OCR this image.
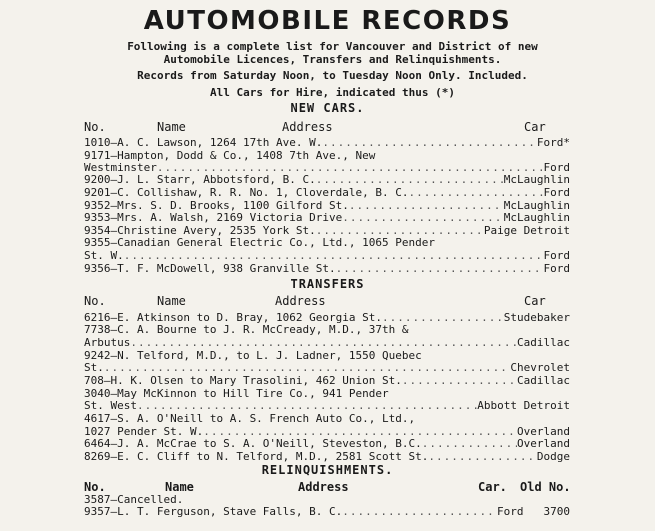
AUTOMOBILE RECORDS
Following is a complete list for Vancouver and District of new
Automobile Licences, Transfers and Relinquishments.
Records from Saturday Noon, to Tuesday Noon Only. Included.
All Cars for Hire, indicated thus (*)
NEW CARS.
No.	Name	Address	Car
1010—A. C. Lawson, 1264 17th Ave. W. .....	Ford*
9171—Hampton, Dodd & Co., 1408 7th Ave., New
Westminster .....	Ford
9200—J. L. Starr, Abbotsford, B. C. .....	McLaughlin
9201—C. Collishaw, R. R. No. 1, Cloverdale, B. C. .....	Ford
9352—Mrs. S. D. Brooks, 1100 Gilford St. .....	McLaughlin
9353—Mrs. A. Walsh, 2169 Victoria Drive .....	McLaughlin
9354—Christine Avery, 2535 York St. .....	Paige Detroit
9355—Canadian General Electric Co., Ltd., 1065 Pender
St. W. .....	Ford
9356—T. F. McDowell, 938 Granville St. .....	Ford
TRANSFERS
No.	Name	Address	Car
6216—E. Atkinson to D. Bray, 1062 Georgia St. .....	Studebaker
7738—C. A. Bourne to J. R. McCready, M.D., 37th &
Arbutus .....	Cadillac
9242—N. Telford, M.D., to L. J. Ladner, 1550 Quebec
St. .....	Chevrolet
708—H. K. Olsen to Mary Trasolini, 462 Union St. .....	Cadillac
3040—May McKinnon to Hill Tire Co., 941 Pender
St. West .....	Abbott Detroit
4617—S. A. O'Neill to A. S. French Auto Co., Ltd.,
1027 Pender St. W. .....	Overland
6464—J. A. McCrae to S. A. O'Neill, Steveston, B.C. .....	Overland
8269—E. C. Cliff to N. Telford, M.D., 2581 Scott St. .....	Dodge
RELINQUISHMENTS.
No.	Name	Address	Car. Old No.
3587—Cancelled.
9357—L. T. Ferguson, Stave Falls, B. C. .....	Ford 3700
